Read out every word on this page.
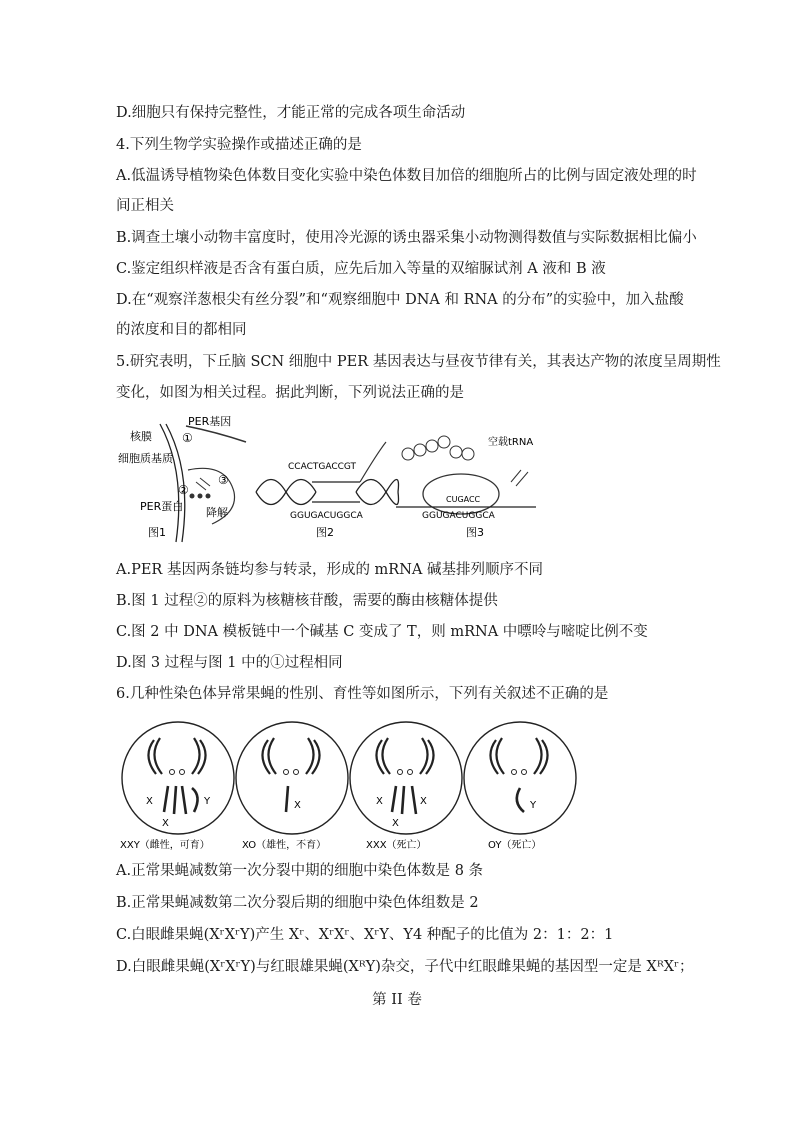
D.细胞只有保持完整性，才能正常的完成各项生命活动
4.下列生物学实验操作或描述正确的是
A.低温诱导植物染色体数目变化实验中染色体数目加倍的细胞所占的比例与固定液处理的时
间正相关
B.调查土壤小动物丰富度时，使用冷光源的诱虫器采集小动物测得数值与实际数据相比偏小
C.鉴定组织样液是否含有蛋白质，应先后加入等量的双缩脲试剂 A 液和 B 液
D.在“观察洋葱根尖有丝分裂”和“观察细胞中 DNA 和 RNA 的分布”的实验中，加入盐酸
的浓度和目的都相同
5.研究表明，下丘脑 SCN 细胞中 PER 基因表达与昼夜节律有关，其表达产物的浓度呈周期性
变化，如图为相关过程。据此判断，下列说法正确的是
PER基因
核膜
细胞质基质
PER蛋白 降解
①
②
③
图1
CCACTGACCGT
GGUGACUGGCA
图2
空载tRNA
CUGACC
GGUGACUGGCA
图3
A.PER 基因两条链均参与转录，形成的 mRNA 碱基排列顺序不同
B.图 1 过程②的原料为核糖核苷酸，需要的酶由核糖体提供
C.图 2 中 DNA 模板链中一个碱基 C 变成了 T，则 mRNA 中嘌呤与嘧啶比例不变
D.图 3 过程与图 1 中的①过程相同
6.几种性染色体异常果蝇的性别、育性等如图所示，下列有关叙述不正确的是
X
X
Y
XXY（雌性，可育）
X
XO（雄性，不育）
X
X
X
XXX（死亡）
Y
OY（死亡）
A.正常果蝇减数第一次分裂中期的细胞中染色体数是 8 条
B.正常果蝇减数第二次分裂后期的细胞中染色体组数是 2
C.白眼雌果蝇(XʳXʳY)产生 Xʳ、XʳXʳ、XʳY、Y4 种配子的比值为 2：1：2：1
D.白眼雌果蝇(XʳXʳY)与红眼雄果蝇(XᴿY)杂交，子代中红眼雌果蝇的基因型一定是 XᴿXʳ；
第 II 卷
